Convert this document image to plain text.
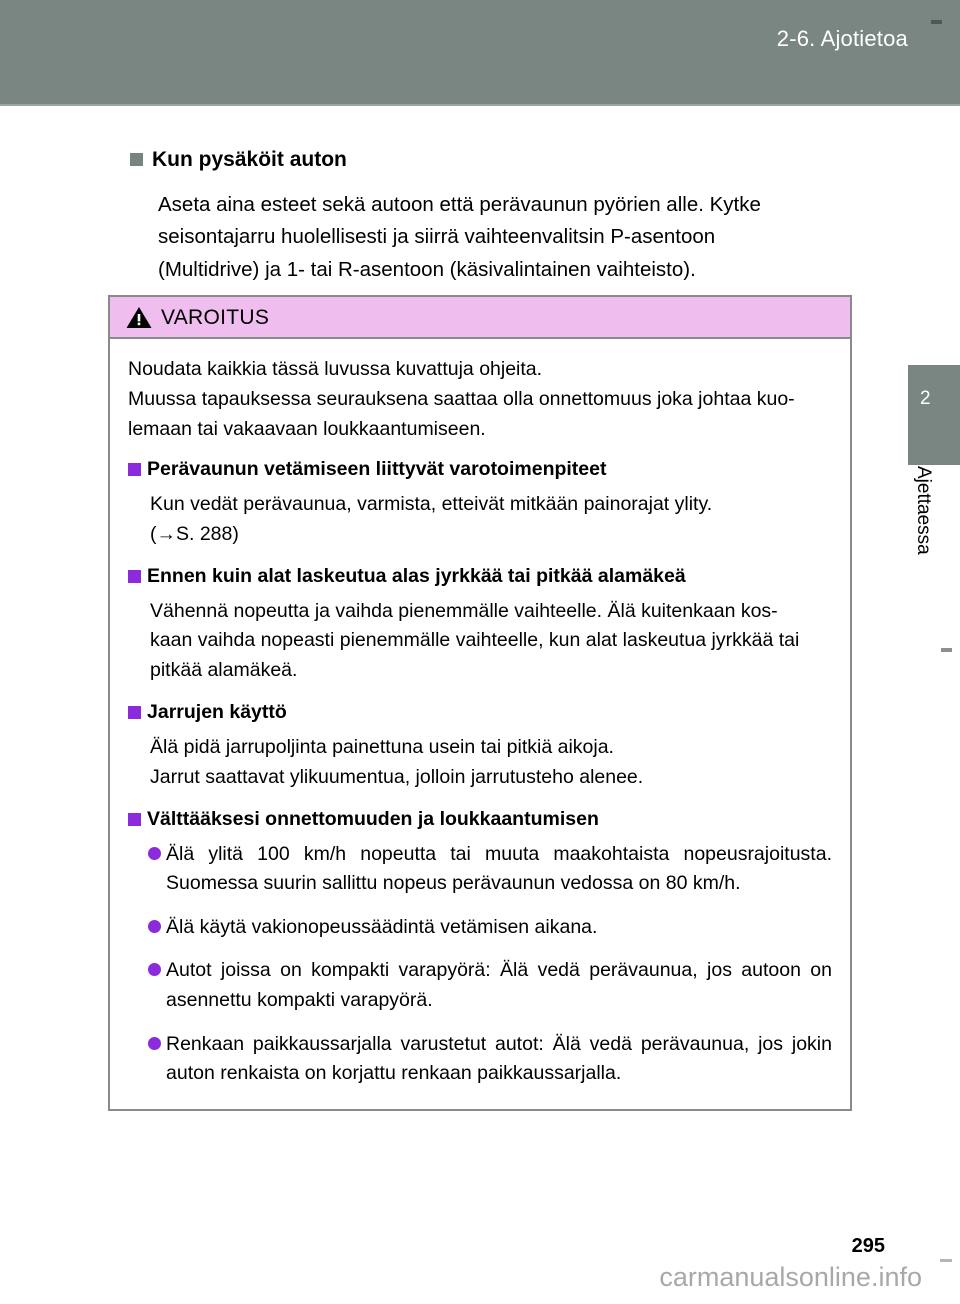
2-6. Ajotietoa
2
Ajettaessa
Kun pysäköit auton
Aseta aina esteet sekä autoon että perävaunun pyörien alle. Kytke
seisontajarru huolellisesti ja siirrä vaihteenvalitsin P-asentoon
(Multidrive) ja 1- tai R-asentoon (käsivalintainen vaihteisto).
VAROITUS

Noudata kaikkia tässä luvussa kuvattuja ohjeita.
Muussa tapauksessa seurauksena saattaa olla onnettomuus joka johtaa kuo-
lemaan tai vakaavaan loukkaantumiseen.

Perävaunun vetämiseen liittyvät varotoimenpiteet
Kun vedät perävaunua, varmista, etteivät mitkään painorajat ylity.
(→S. 288)
Ennen kuin alat laskeutua alas jyrkkää tai pitkää alamäkeä
Vähennä nopeutta ja vaihda pienemmälle vaihteelle. Älä kuitenkaan kos-
kaan vaihda nopeasti pienemmälle vaihteelle, kun alat laskeutua jyrkkää tai
pitkää alamäkeä.
Jarrujen käyttö
Älä pidä jarrupoljinta painettuna usein tai pitkiä aikoja.
Jarrut saattavat ylikuumentua, jolloin jarrutusteho alenee.
Välttääksesi onnettomuuden ja loukkaantumisen
Älä ylitä 100 km/h nopeutta tai muuta maakohtaista nopeusrajoitusta. Suomessa suurin sallittu nopeus perävaunun vedossa on 80 km/h.
Älä käytä vakionopeussäädintä vetämisen aikana.
Autot joissa on kompakti varapyörä: Älä vedä perävaunua, jos autoon on asennettu kompakti varapyörä.
Renkaan paikkaussarjalla varustetut autot: Älä vedä perävaunua, jos jokin auton renkaista on korjattu renkaan paikkaussarjalla.
295
carmanualsonline.info
